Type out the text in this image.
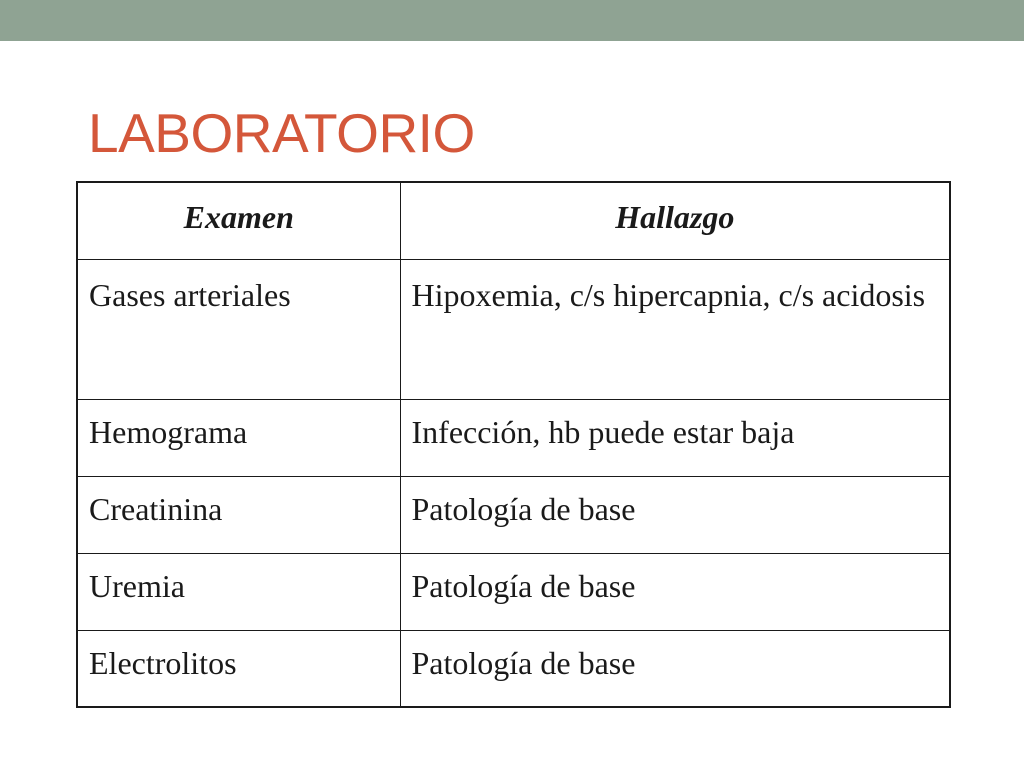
LABORATORIO
Examen	Hallazgo
Gases arteriales	Hipoxemia, c/s hipercapnia, c/s acidosis
Hemograma	Infección, hb puede estar baja
Creatinina	Patología de base
Uremia	Patología de base
Electrolitos	Patología de base
